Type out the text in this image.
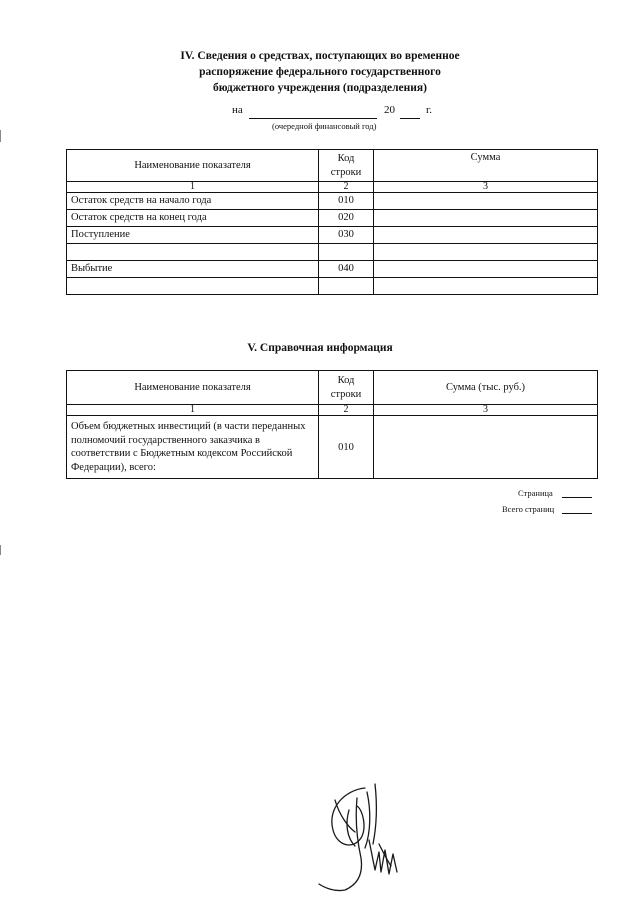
IV. Сведения о средствах, поступающих во временное
распоряжение федерального государственного
бюджетного учреждения (подразделения)
на	20	г.
(очередной финансовый год)
Наименование показателя	Код строки	Сумма
1	2	3
Остаток средств на начало года	010	
Остаток средств на конец года	020	
Поступление	030	

Выбытие	040	

V. Справочная информация
Наименование показателя	Код строки	Сумма (тыс. руб.)
1	2	3
Объем бюджетных инвестиций (в части переданных полномочий государственного заказчика в соответствии с Бюджетным кодексом Российской Федерации), всего:	010	
Страница
Всего страниц
